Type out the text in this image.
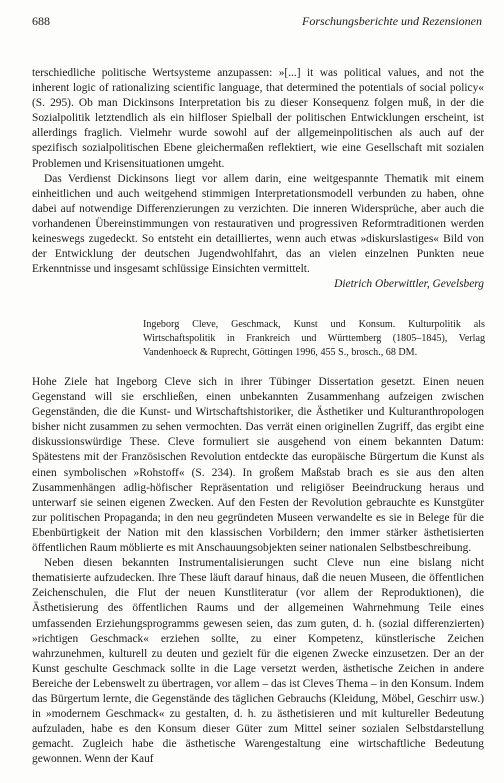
688	Forschungsberichte und Rezensionen

terschiedliche politische Wertsysteme anzupassen: »[...] it was political values, and not the inherent logic of rationalizing scientific language, that determined the potentials of social policy« (S. 295). Ob man Dickinsons Interpretation bis zu dieser Konsequenz folgen muß, in der die Sozialpolitik letztendlich als ein hilfloser Spielball der politischen Entwicklungen erscheint, ist allerdings fraglich. Vielmehr wurde sowohl auf der allgemeinpolitischen als auch auf der spezifisch sozialpolitischen Ebene gleichermaßen reflektiert, wie eine Gesellschaft mit sozialen Problemen und Krisensituationen umgeht.

Das Verdienst Dickinsons liegt vor allem darin, eine weitgespannte Thematik mit einem einheitlichen und auch weitgehend stimmigen Interpretationsmodell verbunden zu haben, ohne dabei auf notwendige Differenzierungen zu verzichten. Die inneren Widersprüche, aber auch die vorhandenen Übereinstimmungen von restaurativen und progressiven Reformtraditionen werden keineswegs zugedeckt. So entsteht ein detailliertes, wenn auch etwas »diskurslastiges« Bild von der Entwicklung der deutschen Jugendwohlfahrt, das an vielen einzelnen Punkten neue Erkenntnisse und insgesamt schlüssige Einsichten vermittelt.
Dietrich Oberwittler, Gevelsberg

Ingeborg Cleve, Geschmack, Kunst und Konsum. Kulturpolitik als Wirtschaftspolitik in Frankreich und Württemberg (1805–1845), Verlag Vandenhoeck & Ruprecht, Göttingen 1996, 455 S., brosch., 68 DM.

Hohe Ziele hat Ingeborg Cleve sich in ihrer Tübinger Dissertation gesetzt. Einen neuen Gegenstand will sie erschließen, einen unbekannten Zusammenhang aufzeigen zwischen Gegenständen, die die Kunst- und Wirtschaftshistoriker, die Ästhetiker und Kulturanthropologen bisher nicht zusammen zu sehen vermochten. Das verrät einen originellen Zugriff, das ergibt eine diskussionswürdige These. Cleve formuliert sie ausgehend von einem bekannten Datum: Spätestens mit der Französischen Revolution entdeckte das europäische Bürgertum die Kunst als einen symbolischen »Rohstoff« (S. 234). In großem Maßstab brach es sie aus den alten Zusammenhängen adlig-höfischer Repräsentation und religiöser Beeindruckung heraus und unterwarf sie seinen eigenen Zwecken. Auf den Festen der Revolution gebrauchte es Kunstgüter zur politischen Propaganda; in den neu gegründeten Museen verwandelte es sie in Belege für die Ebenbürtigkeit der Nation mit den klassischen Vorbildern; den immer stärker ästhetisierten öffentlichen Raum möblierte es mit Anschauungsobjekten seiner nationalen Selbstbeschreibung.

Neben diesen bekannten Instrumentalisierungen sucht Cleve nun eine bislang nicht thematisierte aufzudecken. Ihre These läuft darauf hinaus, daß die neuen Museen, die öffentlichen Zeichenschulen, die Flut der neuen Kunstliteratur (vor allem der Reproduktionen), die Ästhetisierung des öffentlichen Raums und der allgemeinen Wahrnehmung Teile eines umfassenden Erziehungsprogramms gewesen seien, das zum guten, d. h. (sozial differenzierten) »richtigen Geschmack« erziehen sollte, zu einer Kompetenz, künstlerische Zeichen wahrzunehmen, kulturell zu deuten und gezielt für die eigenen Zwecke einzusetzen. Der an der Kunst geschulte Geschmack sollte in die Lage versetzt werden, ästhetische Zeichen in andere Bereiche der Lebenswelt zu übertragen, vor allem – das ist Cleves Thema – in den Konsum. Indem das Bürgertum lernte, die Gegenstände des täglichen Gebrauchs (Kleidung, Möbel, Geschirr usw.) in »modernem Geschmack« zu gestalten, d. h. zu ästhetisieren und mit kultureller Bedeutung aufzuladen, habe es den Konsum dieser Güter zum Mittel seiner sozialen Selbstdarstellung gemacht. Zugleich habe die ästhetische Warengestaltung eine wirtschaftliche Bedeutung gewonnen. Wenn der Kauf
